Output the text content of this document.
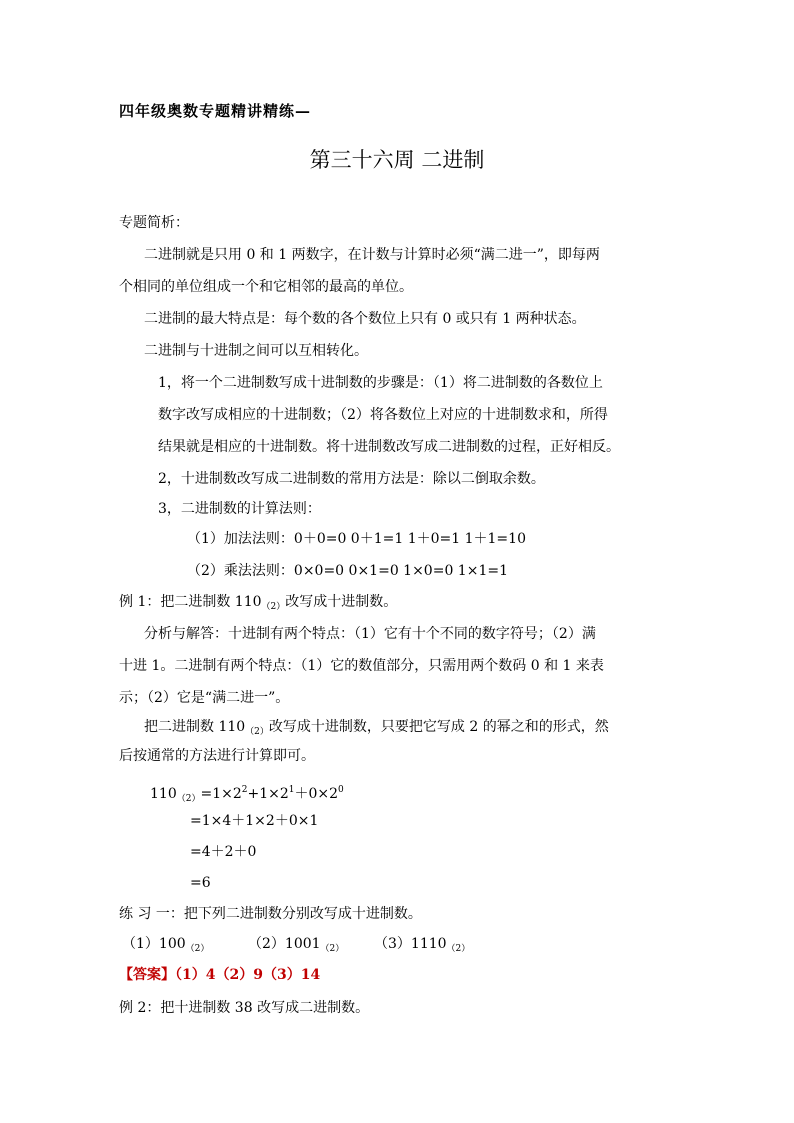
四年级奥数专题精讲精练—
第三十六周 二进制
专题简析：
二进制就是只用 0 和 1 两数字，在计数与计算时必须“满二进一”，即每两
个相同的单位组成一个和它相邻的最高的单位。
二进制的最大特点是：每个数的各个数位上只有 0 或只有 1 两种状态。
二进制与十进制之间可以互相转化。
1，将一个二进制数写成十进制数的步骤是：（1）将二进制数的各数位上
数字改写成相应的十进制数；（2）将各数位上对应的十进制数求和，所得
结果就是相应的十进制数。将十进制数改写成二进制数的过程，正好相反。
2，十进制数改写成二进制数的常用方法是：除以二倒取余数。
3，二进制数的计算法则：
（1）加法法则：0＋0=0 0＋1=1 1＋0=1 1＋1=10
（2）乘法法则：0×0=0 0×1=0 1×0=0 1×1=1
例 1：把二进制数 $110_{(2)}$改写成十进制数。
分析与解答：十进制有两个特点：（1）它有十个不同的数字符号；（2）满
十进 1。二进制有两个特点：（1）它的数值部分，只需用两个数码 0 和 1 来表
示；（2）它是“满二进一”。
把二进制数 $110_{(2)}$改写成十进制数，只要把它写成 2 的幂之和的形式，然
后按通常的方法进行计算即可。
$110_{(2)}=1\times 2^2+1\times 2^1+0\times 2^0$
=1×4＋1×2＋0×1
=4＋2＋0
=6
练 习 一：把下列二进制数分别改写成十进制数。
$(1)100_{(2)}$	$(2)1001_{(2)}$ $(3)1110_{(2)}$
【答案】（1）4（2）9（3）14
例 2：把十进制数 38 改写成二进制数。
